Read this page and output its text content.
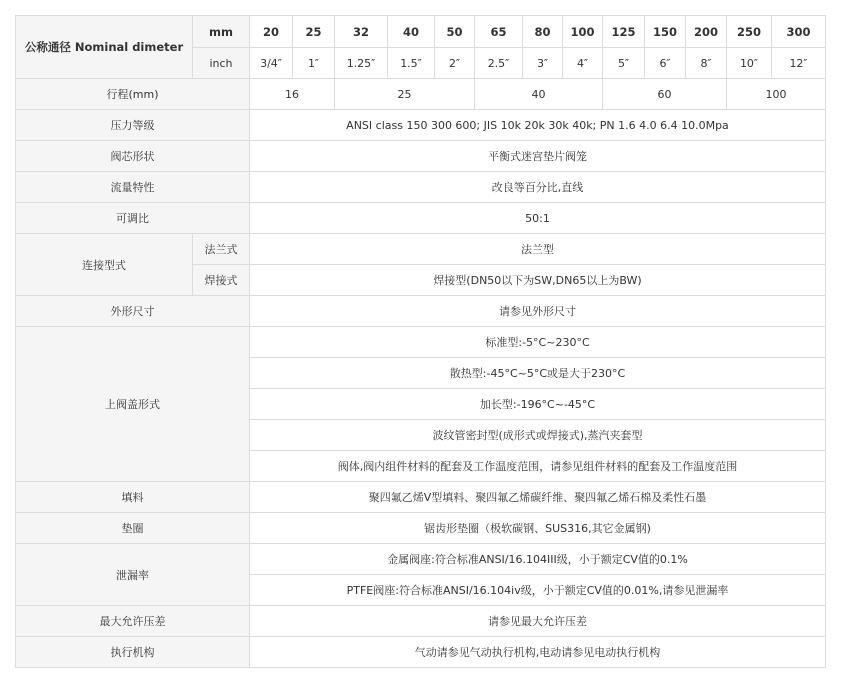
公称通径 Nominal dimeter	mm	20	25	32	40	50	65	80	100	125	150	200	250	300
	inch	3/4″	1″	1.25″	1.5″	2″	2.5″	3″	4″	5″	6″	8″	10″	12″
行程(mm)		16		25			40			60			100	
压力等级		ANSI class 150 300 600; JIS 10k 20k 30k 40k; PN 1.6 4.0 6.4 10.0Mpa												
阀芯形状		平衡式迷宫垫片阀笼												
流量特性		改良等百分比,直线												
可调比		50:1												
连接型式	法兰式	法兰型												
	焊接式	焊接型(DN50以下为SW,DN65以上为BW)												
外形尺寸		请参见外形尺寸												
上阀盖形式		标准型:-5°C~230°C												
		散热型:-45°C~5°C或是大于230°C												
		加长型:-196°C~-45°C												
		波纹管密封型(成形式或焊接式),蒸汽夹套型												
		阀体,阀内组件材料的配套及工作温度范围，请参见组件材料的配套及工作温度范围												
填料		聚四氟乙烯V型填料、聚四氟乙烯碳纤维、聚四氟乙烯石棉及柔性石墨												
垫圈		锯齿形垫圈（极软碳钢、SUS316,其它金属钢)												
泄漏率		金属阀座:符合标准ANSI/16.104III级，小于额定CV值的0.1%												
		PTFE阀座:符合标准ANSI/16.104iv级，小于额定CV值的0.01%,请参见泄漏率												
最大允许压差		请参见最大允许压差												
执行机构		气动请参见气动执行机构,电动请参见电动执行机构												
